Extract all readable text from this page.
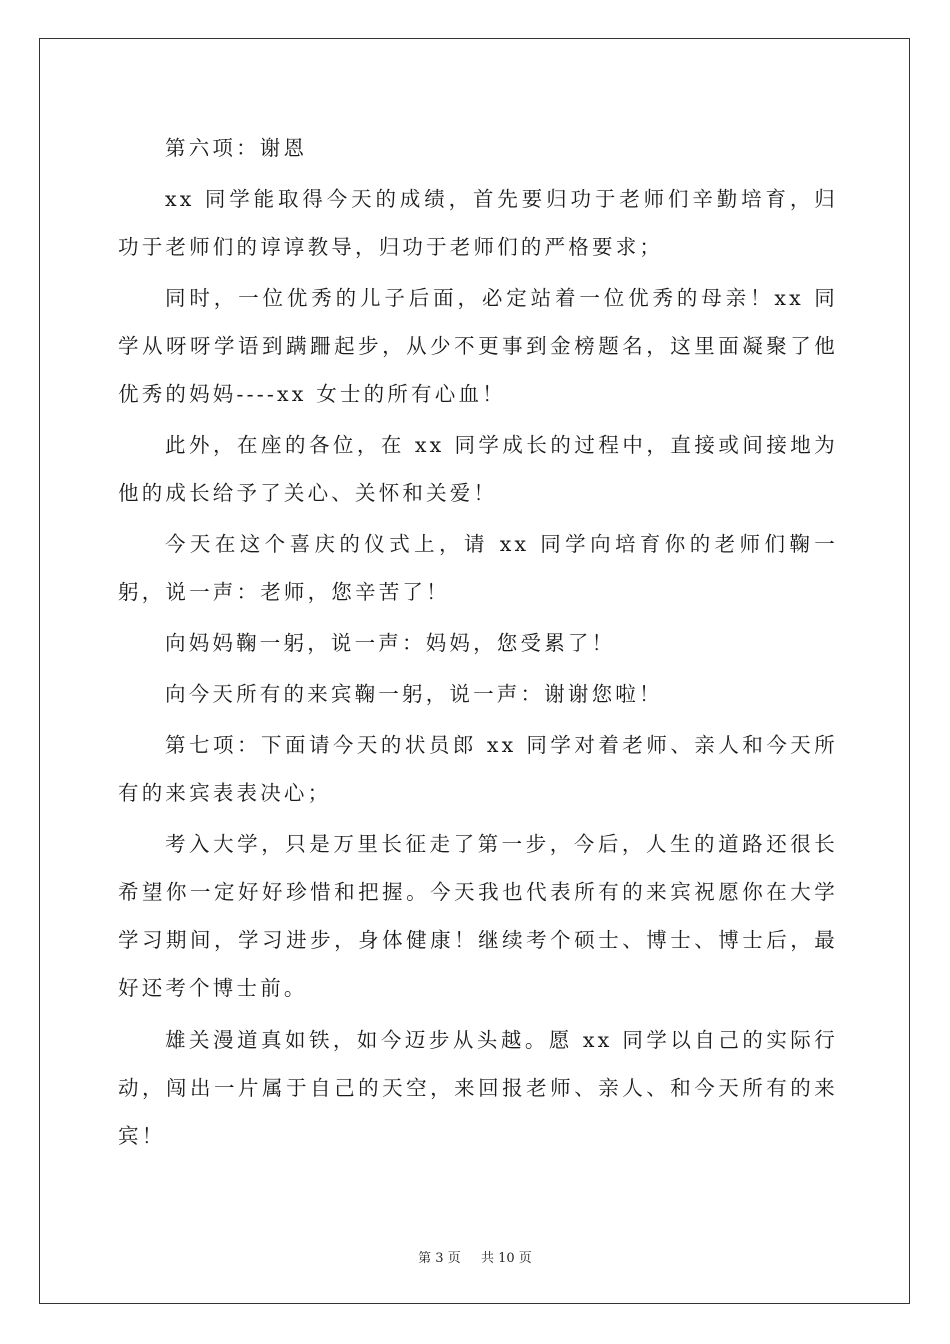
第六项：谢恩

xx 同学能取得今天的成绩，首先要归功于老师们辛勤培育，归功于老师们的谆谆教导，归功于老师们的严格要求；

同时，一位优秀的儿子后面，必定站着一位优秀的母亲！xx 同学从呀呀学语到蹒跚起步，从少不更事到金榜题名，这里面凝聚了他优秀的妈妈----xx 女士的所有心血！

此外，在座的各位，在 xx 同学成长的过程中，直接或间接地为他的成长给予了关心、关怀和关爱！

今天在这个喜庆的仪式上，请 xx 同学向培育你的老师们鞠一躬，说一声：老师，您辛苦了！

向妈妈鞠一躬，说一声：妈妈，您受累了！

向今天所有的来宾鞠一躬，说一声：谢谢您啦！

第七项：下面请今天的状员郎 xx 同学对着老师、亲人和今天所有的来宾表表决心；

考入大学，只是万里长征走了第一步，今后，人生的道路还很长希望你一定好好珍惜和把握。今天我也代表所有的来宾祝愿你在大学学习期间，学习进步，身体健康！继续考个硕士、博士、博士后，最好还考个博士前。

雄关漫道真如铁，如今迈步从头越。愿 xx 同学以自己的实际行动，闯出一片属于自己的天空，来回报老师、亲人、和今天所有的来宾！

第 3 页 共 10 页
